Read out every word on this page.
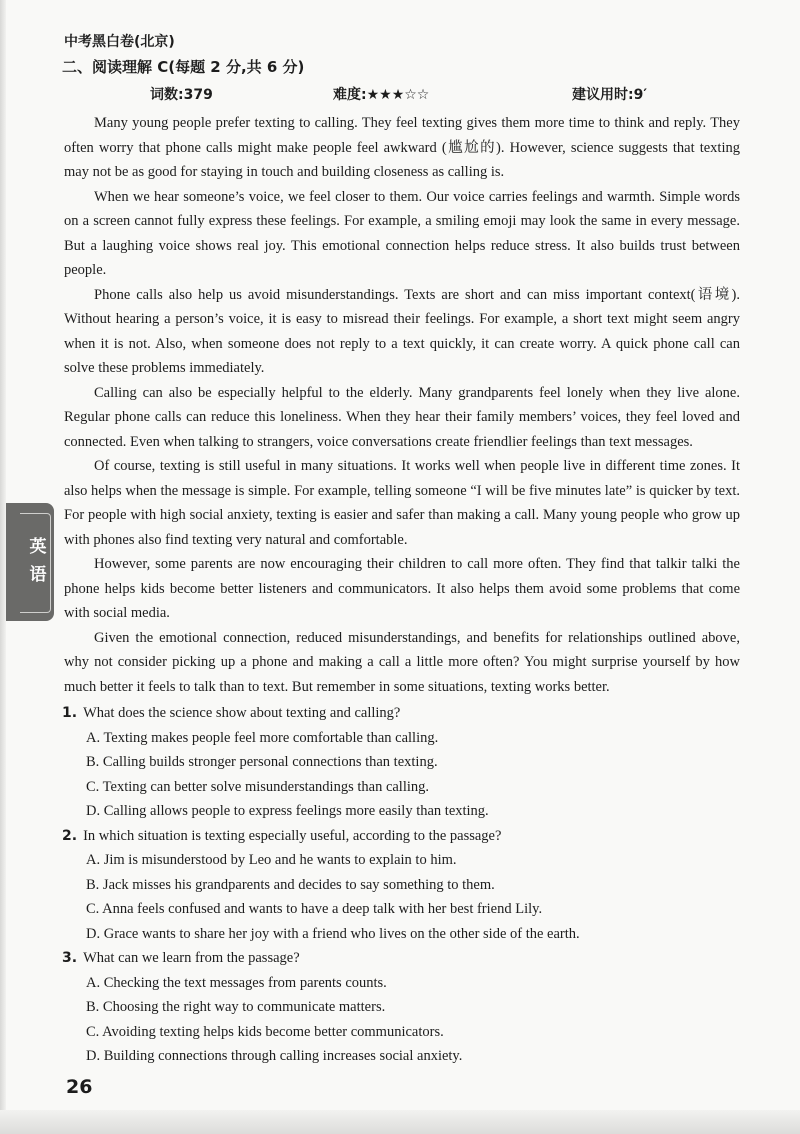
中考黑白卷(北京)
二、阅读理解 C(每题 2 分,共 6 分)
词数:379	难度:★★★☆☆	建议用时:9′

Many young people prefer texting to calling. They feel texting gives them more time to think and reply. They often worry that phone calls might make people feel awkward (尴尬的). However, science suggests that texting may not be as good for staying in touch and building closeness as calling is.

When we hear someone’s voice, we feel closer to them. Our voice carries feelings and warmth. Simple words on a screen cannot fully express these feelings. For example, a smiling emoji may look the same in every message. But a laughing voice shows real joy. This emotional connection helps reduce stress. It also builds trust between people.

Phone calls also help us avoid misunderstandings. Texts are short and can miss important context(语境). Without hearing a person’s voice, it is easy to misread their feelings. For example, a short text might seem angry when it is not. Also, when someone does not reply to a text quickly, it can create worry. A quick phone call can solve these problems immediately.

Calling can also be especially helpful to the elderly. Many grandparents feel lonely when they live alone. Regular phone calls can reduce this loneliness. When they hear their family members’ voices, they feel loved and connected. Even when talking to strangers, voice conversations create friendlier feelings than text messages.

Of course, texting is still useful in many situations. It works well when people live in different time zones. It also helps when the message is simple. For example, telling someone “I will be five minutes late” is quicker by text. For people with high social anxiety, texting is easier and safer than making a call. Many young people who grow up with phones also find texting very natural and comfortable.

However, some parents are now encouraging their children to call more often. They find that talkir talki the phone helps kids become better listeners and communicators. It also helps them avoid some problems that come with social media.

Given the emotional connection, reduced misunderstandings, and benefits for relationships outlined above, why not consider picking up a phone and making a call a little more often? You might surprise yourself by how much better it feels to talk than to text. But remember in some situations, texting works better.

1. What does the science show about texting and calling?

A. Texting makes people feel more comfortable than calling.

B. Calling builds stronger personal connections than texting.

C. Texting can better solve misunderstandings than calling.

D. Calling allows people to express feelings more easily than texting.

2. In which situation is texting especially useful, according to the passage?

A. Jim is misunderstood by Leo and he wants to explain to him.

B. Jack misses his grandparents and decides to say something to them.

C. Anna feels confused and wants to have a deep talk with her best friend Lily.

D. Grace wants to share her joy with a friend who lives on the other side of the earth.

3. What can we learn from the passage?

A. Checking the text messages from parents counts.

B. Choosing the right way to communicate matters.

C. Avoiding texting helps kids become better communicators.

D. Building connections through calling increases social anxiety.

英语
26
